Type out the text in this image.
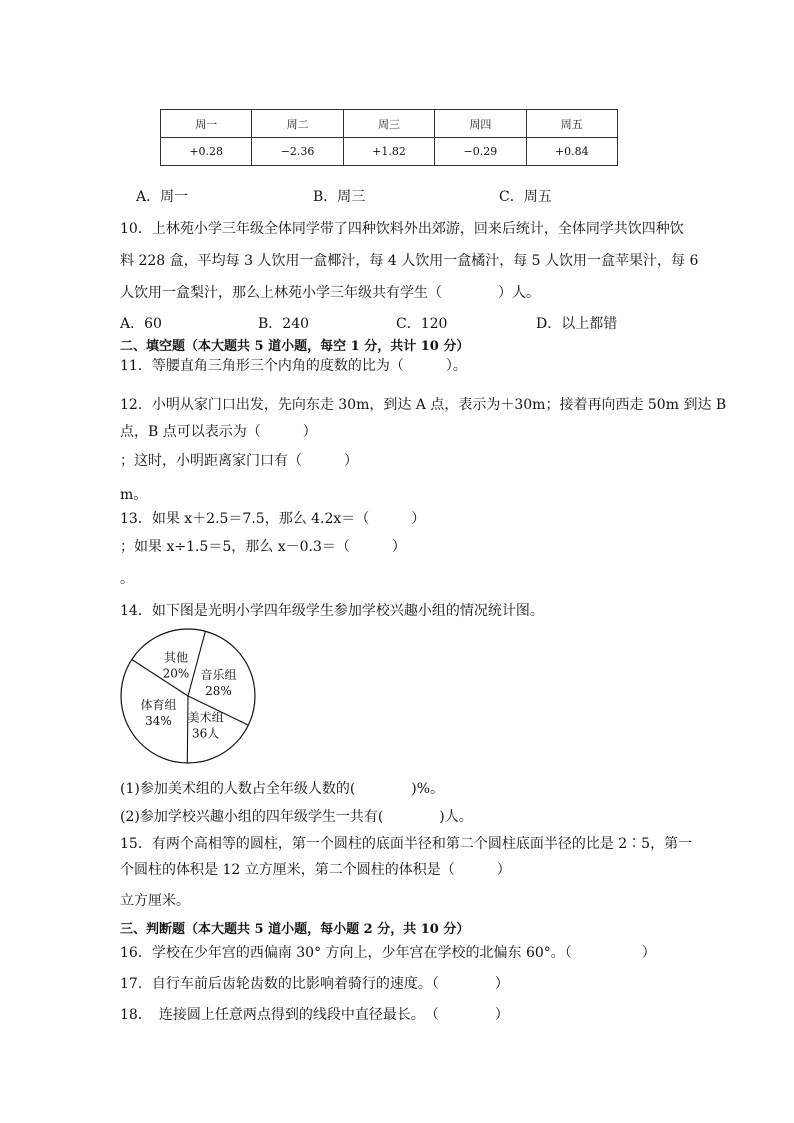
周一	周二	周三	周四	周五
+0.28	−2.36	+1.82	−0.29	+0.84
A．周一	B．周三	C．周五
10．上林苑小学三年级全体同学带了四种饮料外出郊游，回来后统计，全体同学共饮四种饮
料 228 盒，平均每 3 人饮用一盒椰汁，每 4 人饮用一盒橘汁，每 5 人饮用一盒苹果汁，每 6
人饮用一盒梨汁，那么上林苑小学三年级共有学生（　　　　）人。
A．60	B．240	C．120	D．以上都错
二、填空题（本大题共 5 道小题，每空 1 分，共计 10 分）
11．等腰直角三角形三个内角的度数的比为（　　　）。
12．小明从家门口出发，先向东走 30m，到达 A 点，表示为＋30m；接着再向西走 50m 到达 B
点，B 点可以表示为（　　　）
；这时，小明距离家门口有（　　　）
m。
13．如果 x＋2.5＝7.5，那么 4.2x＝（　　　）
；如果 x÷1.5＝5，那么 x－0.3＝（　　　）
。
14．如下图是光明小学四年级学生参加学校兴趣小组的情况统计图。
音乐组
28%
美术组
36人
体育组
34%
其他
20%
(1)参加美术组的人数占全年级人数的(　　　　)%。
(2)参加学校兴趣小组的四年级学生一共有(　　　　)人。
15．有两个高相等的圆柱，第一个圆柱的底面半径和第二个圆柱底面半径的比是 2∶5，第一
个圆柱的体积是 12 立方厘米，第二个圆柱的体积是（　　　）
立方厘米。
三、判断题（本大题共 5 道小题，每小题 2 分，共 10 分）
16．学校在少年宫的西偏南 30° 方向上，少年宫在学校的北偏东 60°。（　　　　　）
17．自行车前后齿轮齿数的比影响着骑行的速度。（　　　　）
18．　连接圆上任意两点得到的线段中直径最长。　（　　　　）
